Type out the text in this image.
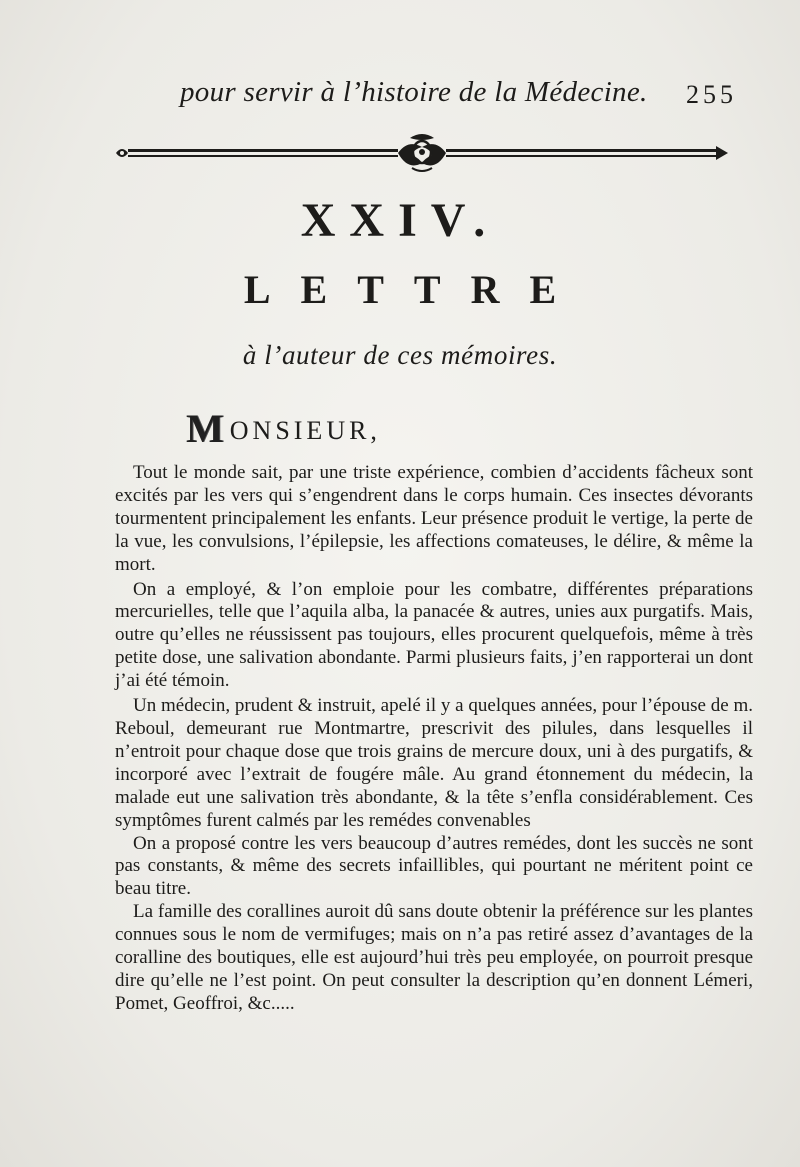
pour servir à l’histoire de la Médecine. 255
XXIV.
LETTRE
à l’auteur de ces mémoires.
MONSIEUR,

Tout le monde sait, par une triste expérience, combien d’accidents fâcheux sont excités par les vers qui s’engendrent dans le corps humain. Ces insectes dévorants tourmentent principalement les enfants. Leur présence produit le vertige, la perte de la vue, les convulsions, l’épilepsie, les affections comateuses, le délire, & même la mort.

On a employé, & l’on emploie pour les combatre, différentes préparations mercurielles, telle que l’aquila alba, la panacée & autres, unies aux purgatifs. Mais, outre qu’elles ne réussissent pas toujours, elles procurent quelquefois, même à très petite dose, une salivation abondante. Parmi plusieurs faits, j’en rapporterai un dont j’ai été témoin.

Un médecin, prudent & instruit, apelé il y a quelques années, pour l’épouse de m. Reboul, demeurant rue Montmartre, prescrivit des pilules, dans lesquelles il n’entroit pour chaque dose que trois grains de mercure doux, uni à des purgatifs, & incorporé avec l’extrait de fougére mâle. Au grand étonnement du médecin, la malade eut une salivation très abondante, & la tête s’enfla considérablement. Ces symptômes furent calmés par les remédes convenables

On a proposé contre les vers beaucoup d’autres remédes, dont les succès ne sont pas constants, & même des secrets infaillibles, qui pourtant ne méritent point ce beau titre.

La famille des corallines auroit dû sans doute obtenir la préférence sur les plantes connues sous le nom de vermifuges; mais on n’a pas retiré assez d’avantages de la coralline des boutiques, elle est aujourd’hui très peu employée, on pourroit presque dire qu’elle ne l’est point. On peut consulter la description qu’en donnent Lémeri, Pomet, Geoffroi, &c.....
